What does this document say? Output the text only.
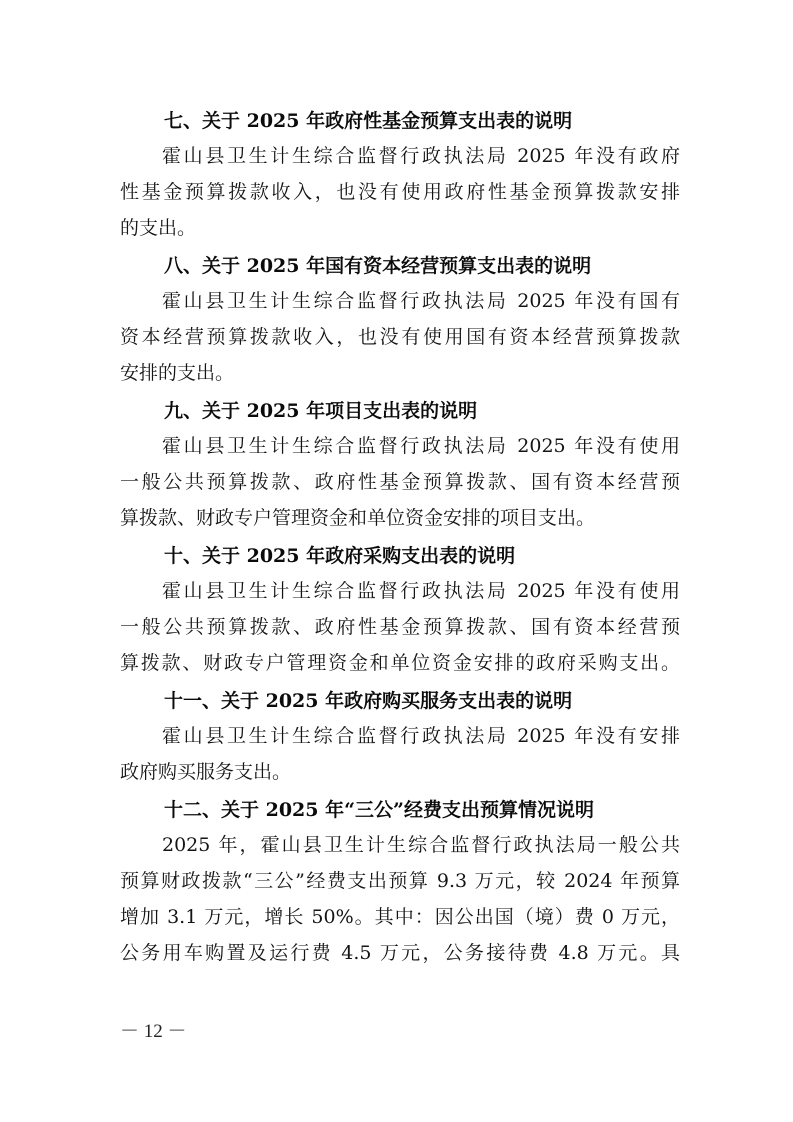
七、关于 2025 年政府性基金预算支出表的说明

霍山县卫生计生综合监督行政执法局 2025 年没有政府

性基金预算拨款收入，也没有使用政府性基金预算拨款安排

的支出。

八、关于 2025 年国有资本经营预算支出表的说明

霍山县卫生计生综合监督行政执法局 2025 年没有国有

资本经营预算拨款收入，也没有使用国有资本经营预算拨款

安排的支出。

九、关于 2025 年项目支出表的说明

霍山县卫生计生综合监督行政执法局 2025 年没有使用

一般公共预算拨款、政府性基金预算拨款、国有资本经营预

算拨款、财政专户管理资金和单位资金安排的项目支出。

十、关于 2025 年政府采购支出表的说明

霍山县卫生计生综合监督行政执法局 2025 年没有使用

一般公共预算拨款、政府性基金预算拨款、国有资本经营预

算拨款、财政专户管理资金和单位资金安排的政府采购支出。

十一、关于 2025 年政府购买服务支出表的说明

霍山县卫生计生综合监督行政执法局 2025 年没有安排

政府购买服务支出。

十二、关于 2025 年“三公”经费支出预算情况说明

2025 年，霍山县卫生计生综合监督行政执法局一般公共

预算财政拨款“三公”经费支出预算 9.3 万元，较 2024 年预算

增加 3.1 万元，增长 50%。其中：因公出国（境）费 0 万元，

公务用车购置及运行费 4.5 万元，公务接待费 4.8 万元。具

－ 12 －
